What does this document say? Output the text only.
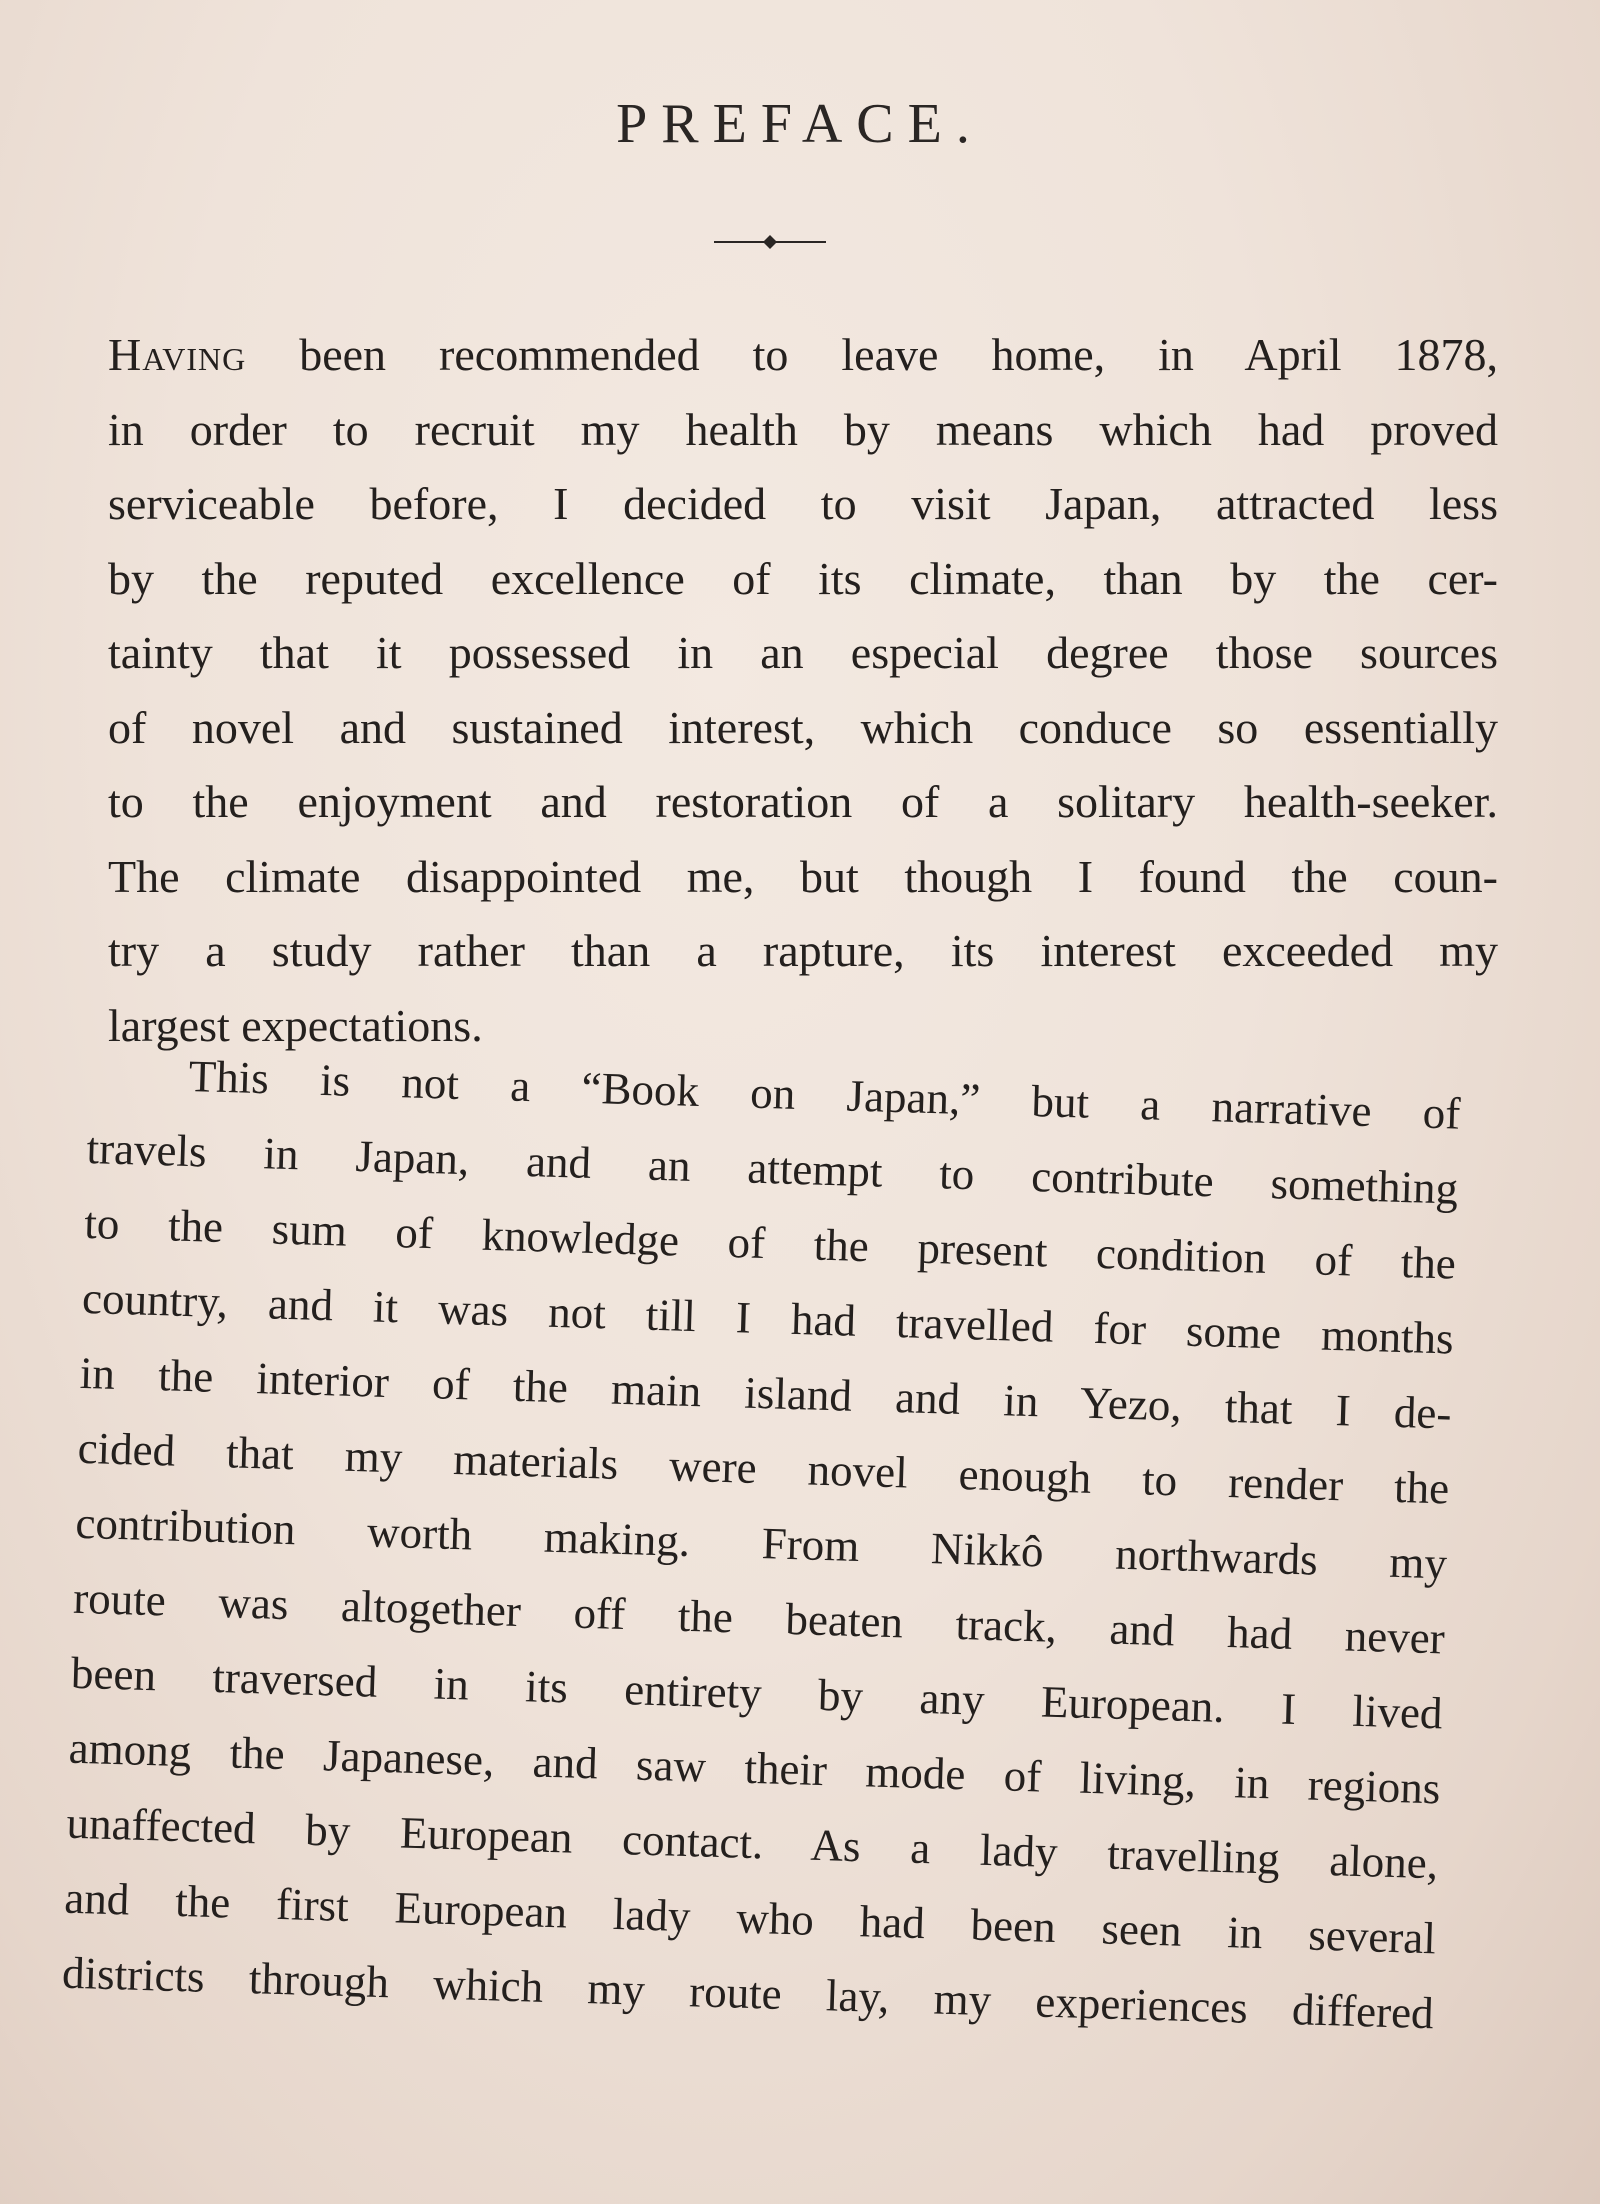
PREFACE.
Having been recommended to leave home, in April 1878,
in order to recruit my health by means which had proved
serviceable before, I decided to visit Japan, attracted less
by the reputed excellence of its climate, than by the cer-
tainty that it possessed in an especial degree those sources
of novel and sustained interest, which conduce so essentially
to the enjoyment and restoration of a solitary health-seeker.
The climate disappointed me, but though I found the coun-
try a study rather than a rapture, its interest exceeded my
largest expectations.
This is not a “Book on Japan,” but a narrative of
travels in Japan, and an attempt to contribute something
to the sum of knowledge of the present condition of the
country, and it was not till I had travelled for some months
in the interior of the main island and in Yezo, that I de-
cided that my materials were novel enough to render the
contribution worth making. From Nikkô northwards my
route was altogether off the beaten track, and had never
been traversed in its entirety by any European. I lived
among the Japanese, and saw their mode of living, in regions
unaffected by European contact. As a lady travelling alone,
and the first European lady who had been seen in several
districts through which my route lay, my experiences differed
